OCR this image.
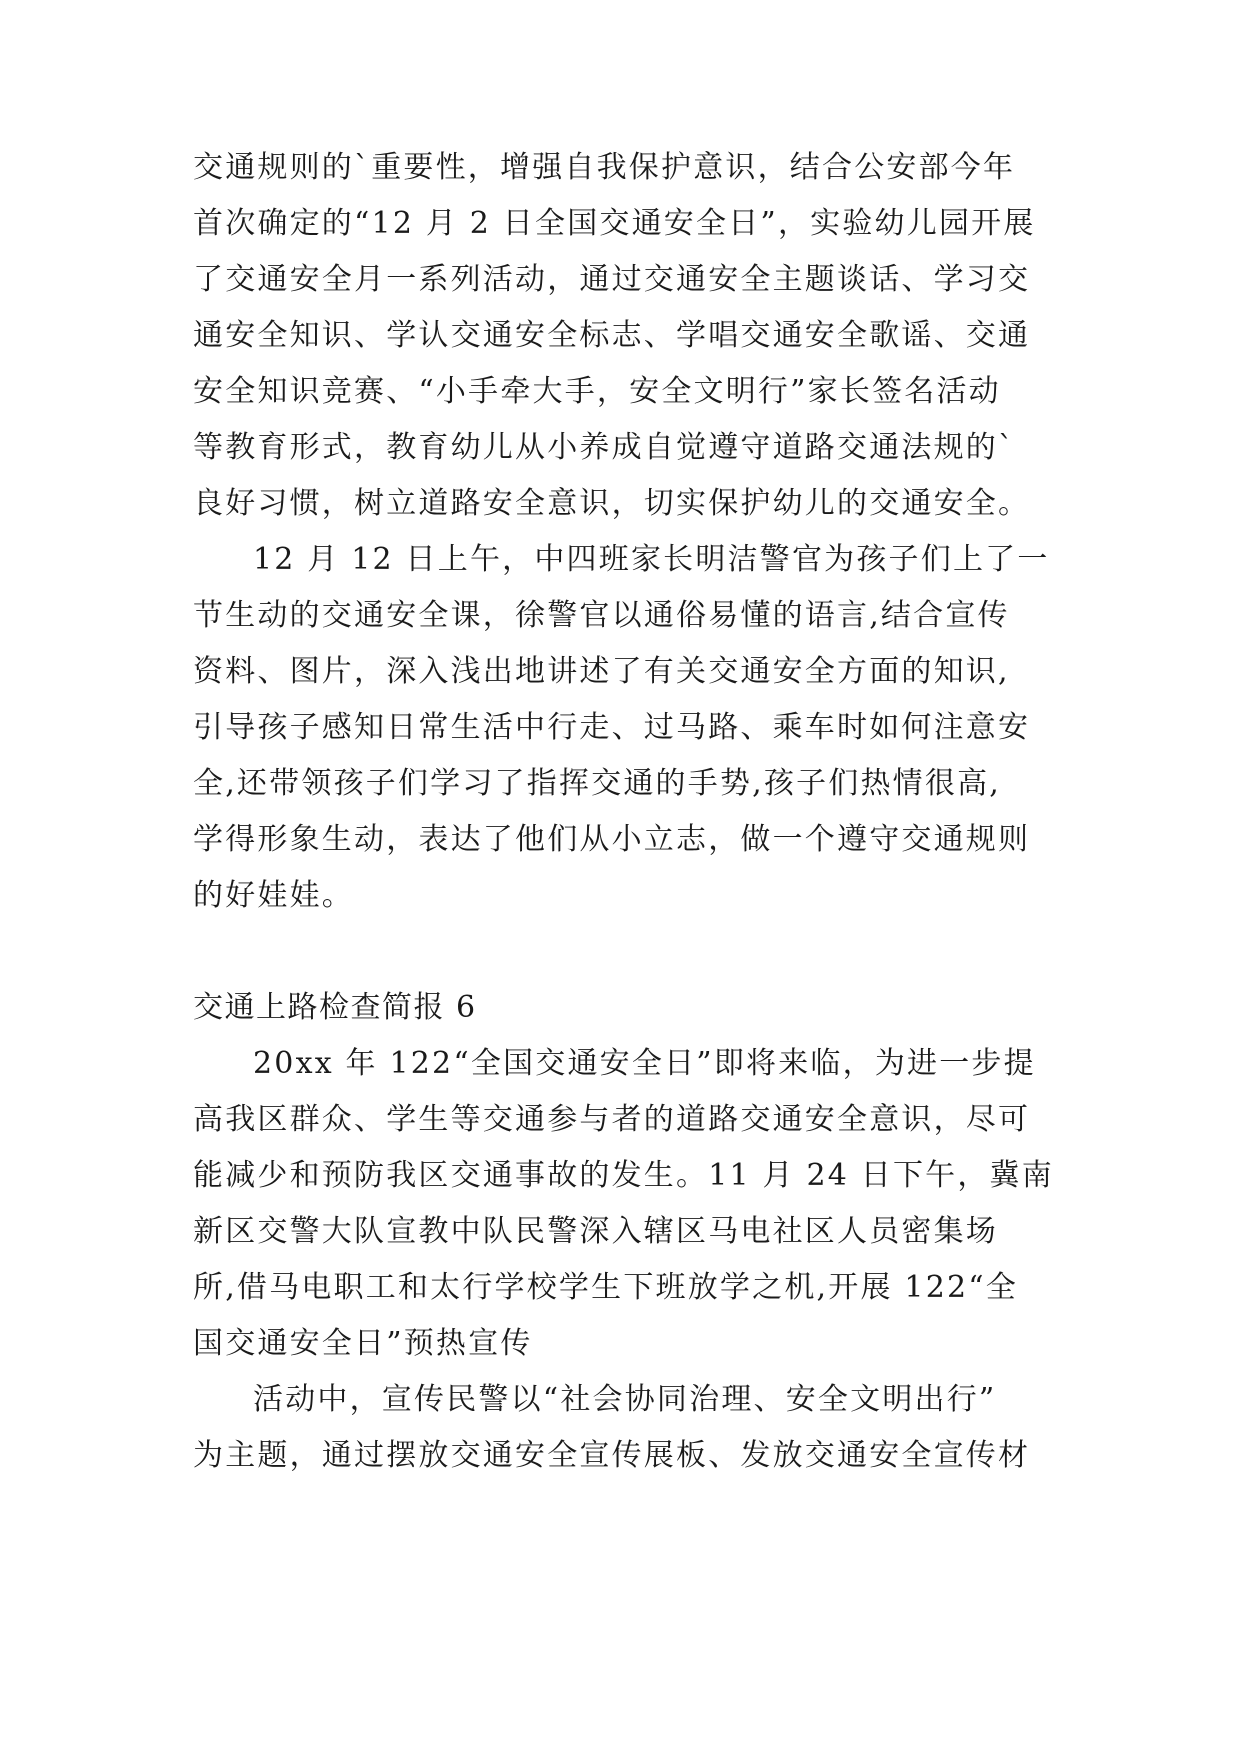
交通规则的`重要性，增强自我保护意识，结合公安部今年
首次确定的“12 月 2 日全国交通安全日”，实验幼儿园开展
了交通安全月一系列活动，通过交通安全主题谈话、学习交
通安全知识、学认交通安全标志、学唱交通安全歌谣、交通
安全知识竞赛、“小手牵大手，安全文明行”家长签名活动
等教育形式，教育幼儿从小养成自觉遵守道路交通法规的`
良好习惯，树立道路安全意识，切实保护幼儿的交通安全。
12 月 12 日上午，中四班家长明洁警官为孩子们上了一
节生动的交通安全课，徐警官以通俗易懂的语言,结合宣传
资料、图片，深入浅出地讲述了有关交通安全方面的知识,
引导孩子感知日常生活中行走、过马路、乘车时如何注意安
全,还带领孩子们学习了指挥交通的手势,孩子们热情很高,
学得形象生动，表达了他们从小立志，做一个遵守交通规则
的好娃娃。
交通上路检查简报 6
20xx 年 122“全国交通安全日”即将来临，为进一步提
高我区群众、学生等交通参与者的道路交通安全意识，尽可
能减少和预防我区交通事故的发生。11 月 24 日下午，冀南
新区交警大队宣教中队民警深入辖区马电社区人员密集场
所,借马电职工和太行学校学生下班放学之机,开展 122“全
国交通安全日”预热宣传
活动中，宣传民警以“社会协同治理、安全文明出行”
为主题，通过摆放交通安全宣传展板、发放交通安全宣传材
